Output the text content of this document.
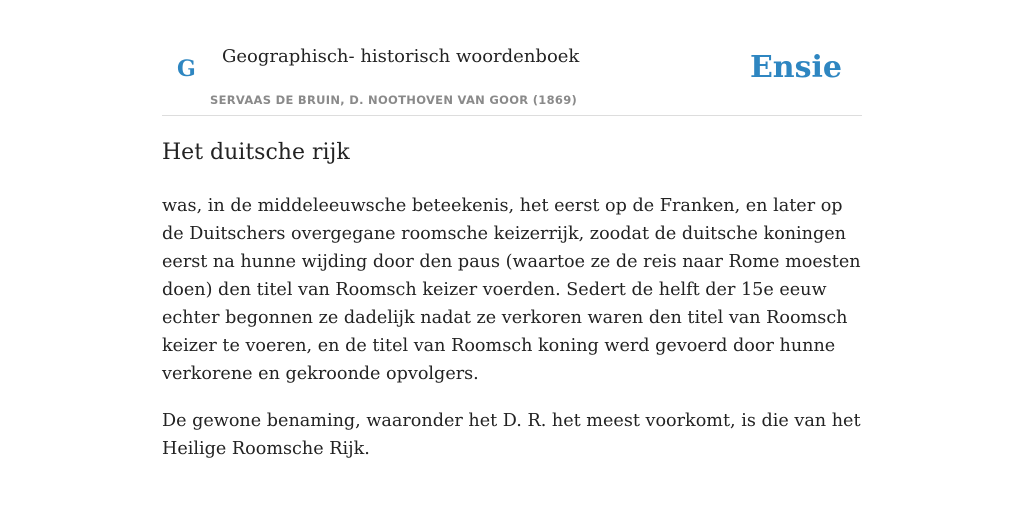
G Geographisch- historisch woordenboek
SERVAAS DE BRUIN, D. NOOTHOVEN VAN GOOR (1869)
Ensie
Het duitsche rijk

was, in de middeleeuwsche beteekenis, het eerst op de Franken, en later op de Duitschers overgegane roomsche keizerrijk, zoodat de duitsche koningen eerst na hunne wijding door den paus (waartoe ze de reis naar Rome moesten doen) den titel van Roomsch keizer voerden. Sedert de helft der 15e eeuw echter begonnen ze dadelijk nadat ze verkoren waren den titel van Roomsch keizer te voeren, en de titel van Roomsch koning werd gevoerd door hunne verkorene en gekroonde opvolgers.

De gewone benaming, waaronder het D. R. het meest voorkomt, is die van het Heilige Roomsche Rijk.
